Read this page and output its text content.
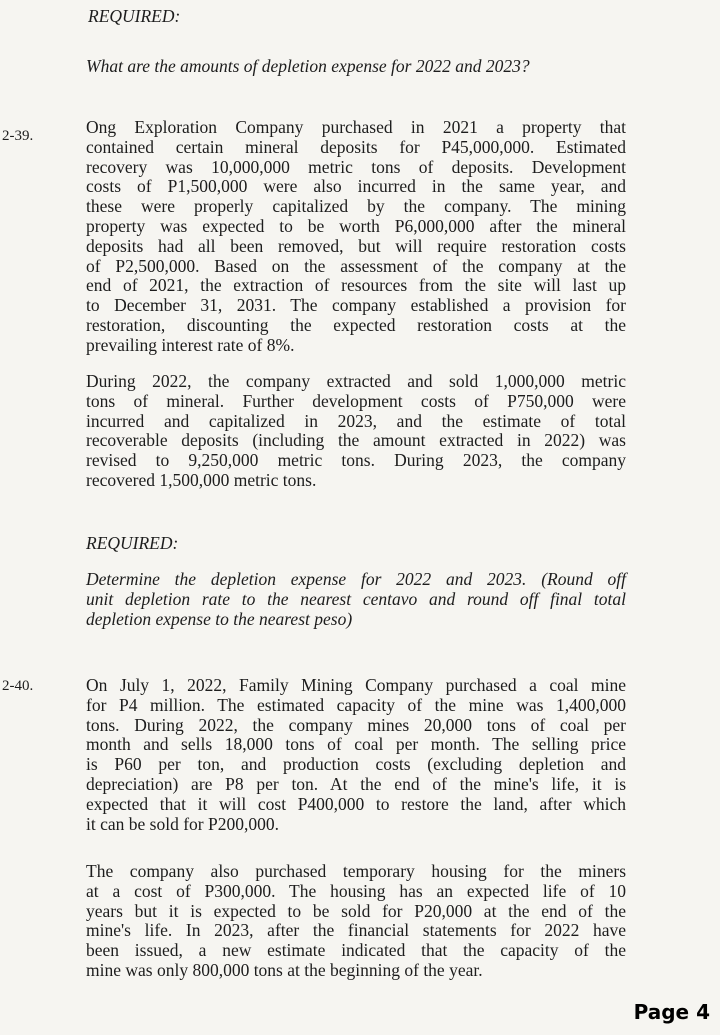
REQUIRED:
What are the amounts of depletion expense for 2022 and 2023?
2-39.	Ong Exploration Company purchased in 2021 a property that
contained certain mineral deposits for P45,000,000. Estimated
recovery was 10,000,000 metric tons of deposits. Development
costs of P1,500,000 were also incurred in the same year, and
these were properly capitalized by the company. The mining
property was expected to be worth P6,000,000 after the mineral
deposits had all been removed, but will require restoration costs
of P2,500,000. Based on the assessment of the company at the
end of 2021, the extraction of resources from the site will last up
to December 31, 2031. The company established a provision for
restoration, discounting the expected restoration costs at the
prevailing interest rate of 8%.
During 2022, the company extracted and sold 1,000,000 metric
tons of mineral. Further development costs of P750,000 were
incurred and capitalized in 2023, and the estimate of total
recoverable deposits (including the amount extracted in 2022) was
revised to 9,250,000 metric tons. During 2023, the company
recovered 1,500,000 metric tons.
REQUIRED:
Determine the depletion expense for 2022 and 2023. (Round off
unit depletion rate to the nearest centavo and round off final total
depletion expense to the nearest peso)
2-40.	On July 1, 2022, Family Mining Company purchased a coal mine
for P4 million. The estimated capacity of the mine was 1,400,000
tons. During 2022, the company mines 20,000 tons of coal per
month and sells 18,000 tons of coal per month. The selling price
is P60 per ton, and production costs (excluding depletion and
depreciation) are P8 per ton. At the end of the mine's life, it is
expected that it will cost P400,000 to restore the land, after which
it can be sold for P200,000.
The company also purchased temporary housing for the miners
at a cost of P300,000. The housing has an expected life of 10
years but it is expected to be sold for P20,000 at the end of the
mine's life. In 2023, after the financial statements for 2022 have
been issued, a new estimate indicated that the capacity of the
mine was only 800,000 tons at the beginning of the year.
Page 4
